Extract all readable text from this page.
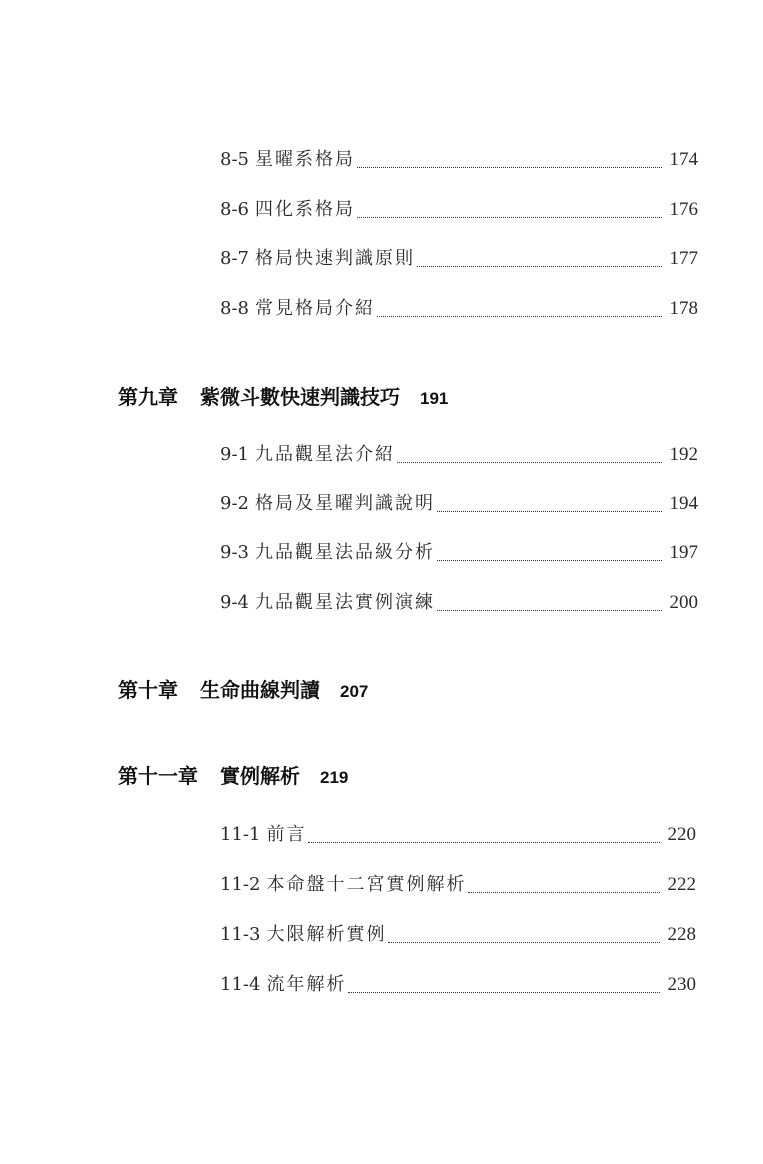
8-5 星曜系格局	174
8-6 四化系格局	176
8-7 格局快速判識原則	177
8-8 常見格局介紹	178
第九章 紫微斗數快速判識技巧 191
9-1 九品觀星法介紹	192
9-2 格局及星曜判識說明	194
9-3 九品觀星法品級分析	197
9-4 九品觀星法實例演練	200
第十章 生命曲線判讀 207
第十一章 實例解析 219
11-1 前言	220
11-2 本命盤十二宮實例解析	222
11-3 大限解析實例	228
11-4 流年解析	230
